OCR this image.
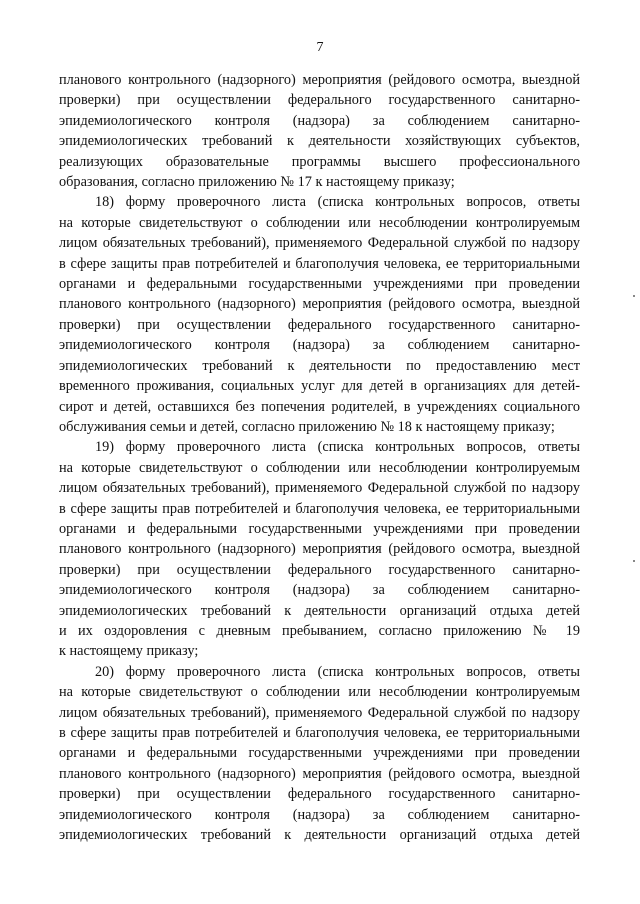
7
планового контрольного (надзорного) мероприятия (рейдового осмотра, выездной
проверки) при осуществлении федерального государственного санитарно-
эпидемиологического контроля (надзора) за соблюдением санитарно-
эпидемиологических требований к деятельности хозяйствующих субъектов,
реализующих образовательные программы высшего профессионального
образования, согласно приложению № 17 к настоящему приказу;
18) форму проверочного листа (списка контрольных вопросов, ответы
на которые свидетельствуют о соблюдении или несоблюдении контролируемым
лицом обязательных требований), применяемого Федеральной службой по надзору
в сфере защиты прав потребителей и благополучия человека, ее территориальными
органами и федеральными государственными учреждениями при проведении
планового контрольного (надзорного) мероприятия (рейдового осмотра, выездной
проверки) при осуществлении федерального государственного санитарно-
эпидемиологического контроля (надзора) за соблюдением санитарно-
эпидемиологических требований к деятельности по предоставлению мест
временного проживания, социальных услуг для детей в организациях для детей-
сирот и детей, оставшихся без попечения родителей, в учреждениях социального
обслуживания семьи и детей, согласно приложению № 18 к настоящему приказу;
19) форму проверочного листа (списка контрольных вопросов, ответы
на которые свидетельствуют о соблюдении или несоблюдении контролируемым
лицом обязательных требований), применяемого Федеральной службой по надзору
в сфере защиты прав потребителей и благополучия человека, ее территориальными
органами и федеральными государственными учреждениями при проведении
планового контрольного (надзорного) мероприятия (рейдового осмотра, выездной
проверки) при осуществлении федерального государственного санитарно-
эпидемиологического контроля (надзора) за соблюдением санитарно-
эпидемиологических требований к деятельности организаций отдыха детей
и их оздоровления с дневным пребыванием, согласно приложению № 19
к настоящему приказу;
20) форму проверочного листа (списка контрольных вопросов, ответы
на которые свидетельствуют о соблюдении или несоблюдении контролируемым
лицом обязательных требований), применяемого Федеральной службой по надзору
в сфере защиты прав потребителей и благополучия человека, ее территориальными
органами и федеральными государственными учреждениями при проведении
планового контрольного (надзорного) мероприятия (рейдового осмотра, выездной
проверки) при осуществлении федерального государственного санитарно-
эпидемиологического контроля (надзора) за соблюдением санитарно-
эпидемиологических требований к деятельности организаций отдыха детей
